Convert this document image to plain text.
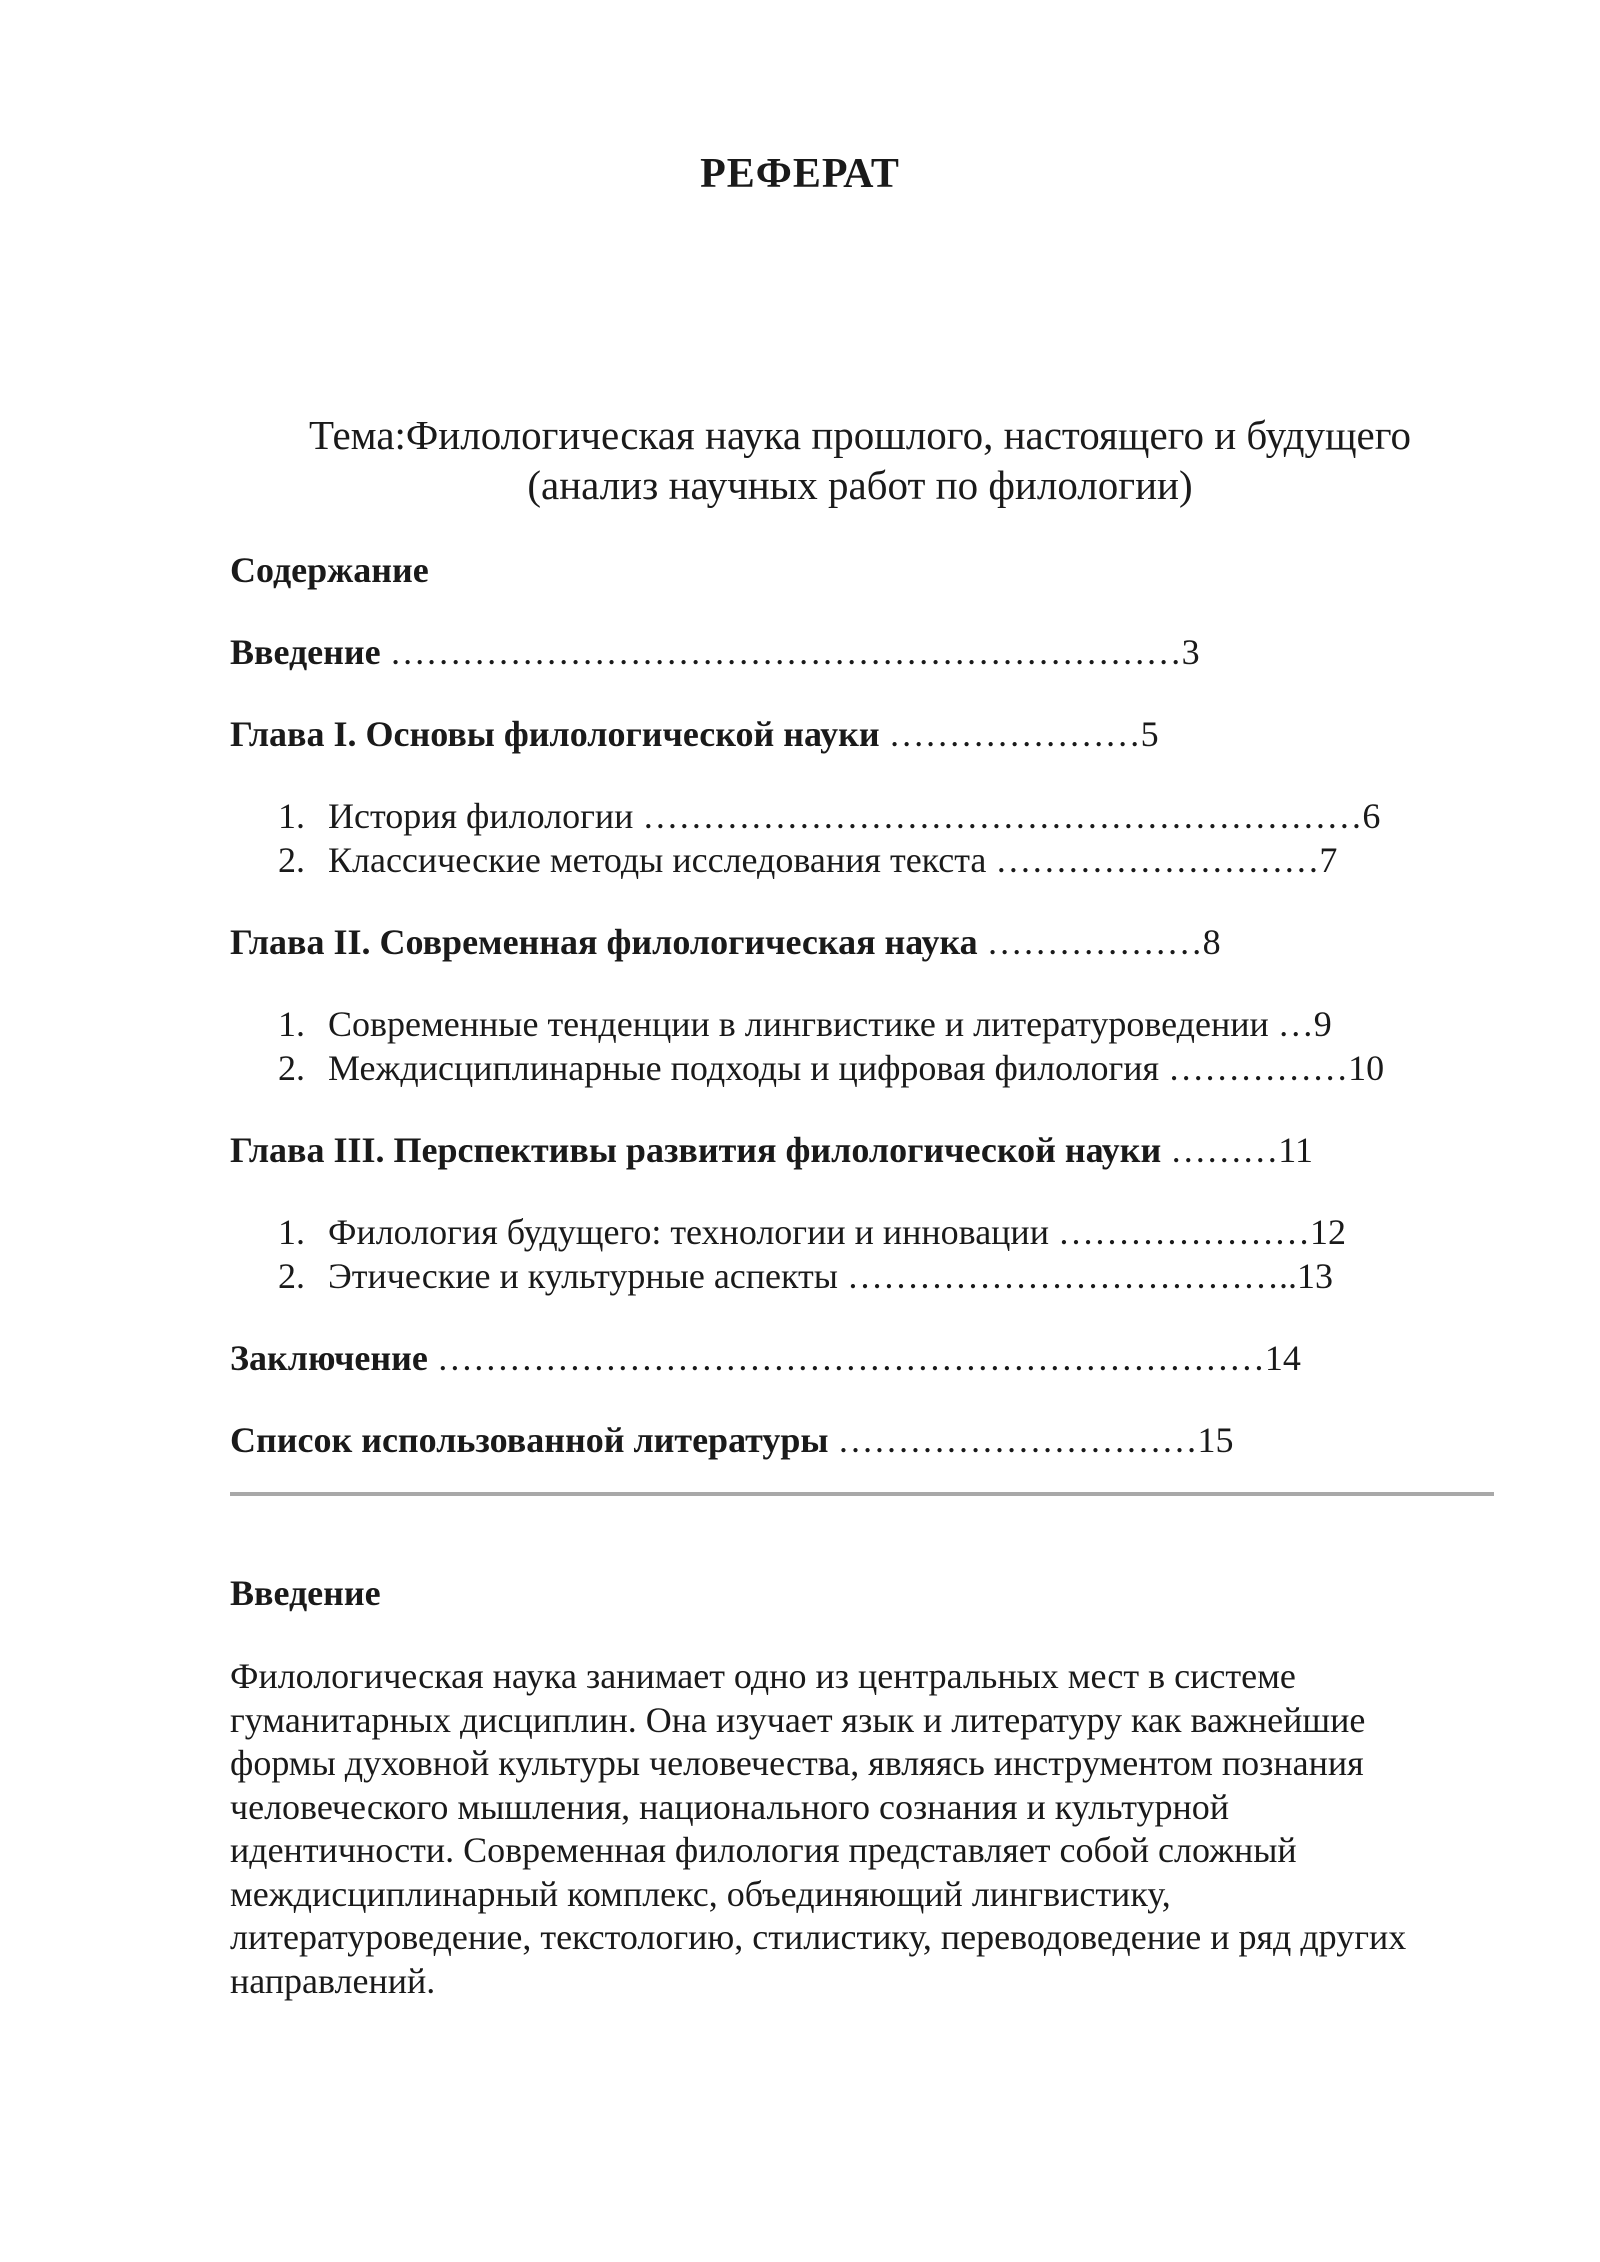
РЕФЕРАТ
Тема:Филологическая наука прошлого, настоящего и будущего
(анализ научных работ по филологии)
Содержание
Введение …………………………………………………………3
Глава I. Основы филологической науки …………………5
1. История филологии ……………………………………………………6
2. Классические методы исследования текста ………………………7
Глава II. Современная филологическая наука ………………8
1. Современные тенденции в лингвистике и литературоведении …9
2. Междисциплинарные подходы и цифровая филология ……………10
Глава III. Перспективы развития филологической науки ………11
1. Филология будущего: технологии и инновации …………………12
2. Этические и культурные аспекты ………………………………..13
Заключение ……………………………………………………………14
Список использованной литературы …………………………15
Введение
Филологическая наука занимает одно из центральных мест в системе
гуманитарных дисциплин. Она изучает язык и литературу как важнейшие
формы духовной культуры человечества, являясь инструментом познания
человеческого мышления, национального сознания и культурной
идентичности. Современная филология представляет собой сложный
междисциплинарный комплекс, объединяющий лингвистику,
литературоведение, текстологию, стилистику, переводоведение и ряд других
направлений.
